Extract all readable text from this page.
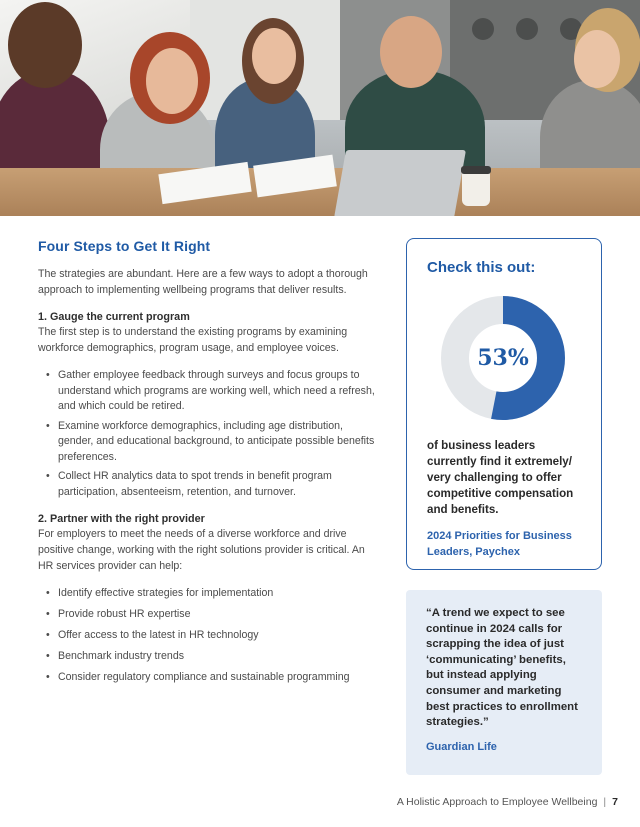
Four Steps to Get It Right

The strategies are abundant. Here are a few ways to adopt a thorough approach to implementing wellbeing programs that deliver results.

1. Gauge the current program

The first step is to understand the existing programs by examining workforce demographics, program usage, and employee voices.

• Gather employee feedback through surveys and focus groups to understand which programs are working well, which need a refresh, and which could be retired.
• Examine workforce demographics, including age distribution, gender, and educational background, to anticipate possible benefits preferences.
• Collect HR analytics data to spot trends in benefit program participation, absenteeism, retention, and turnover.
2. Partner with the right provider

For employers to meet the needs of a diverse workforce and drive positive change, working with the right solutions provider is critical. An HR services provider can help:

• Identify effective strategies for implementation
• Provide robust HR expertise
• Offer access to the latest in HR technology
• Benchmark industry trends
• Consider regulatory compliance and sustainable programming
Check this out:
53%

of business leaders currently find it extremely/ very challenging to offer competitive compensation and benefits.

2024 Priorities for Business Leaders, Paychex

“A trend we expect to see continue in 2024 calls for scrapping the idea of just ‘communicating’ benefits, but instead applying consumer and marketing best practices to enrollment strategies.”

Guardian Life

A Holistic Approach to Employee Wellbeing | 7
